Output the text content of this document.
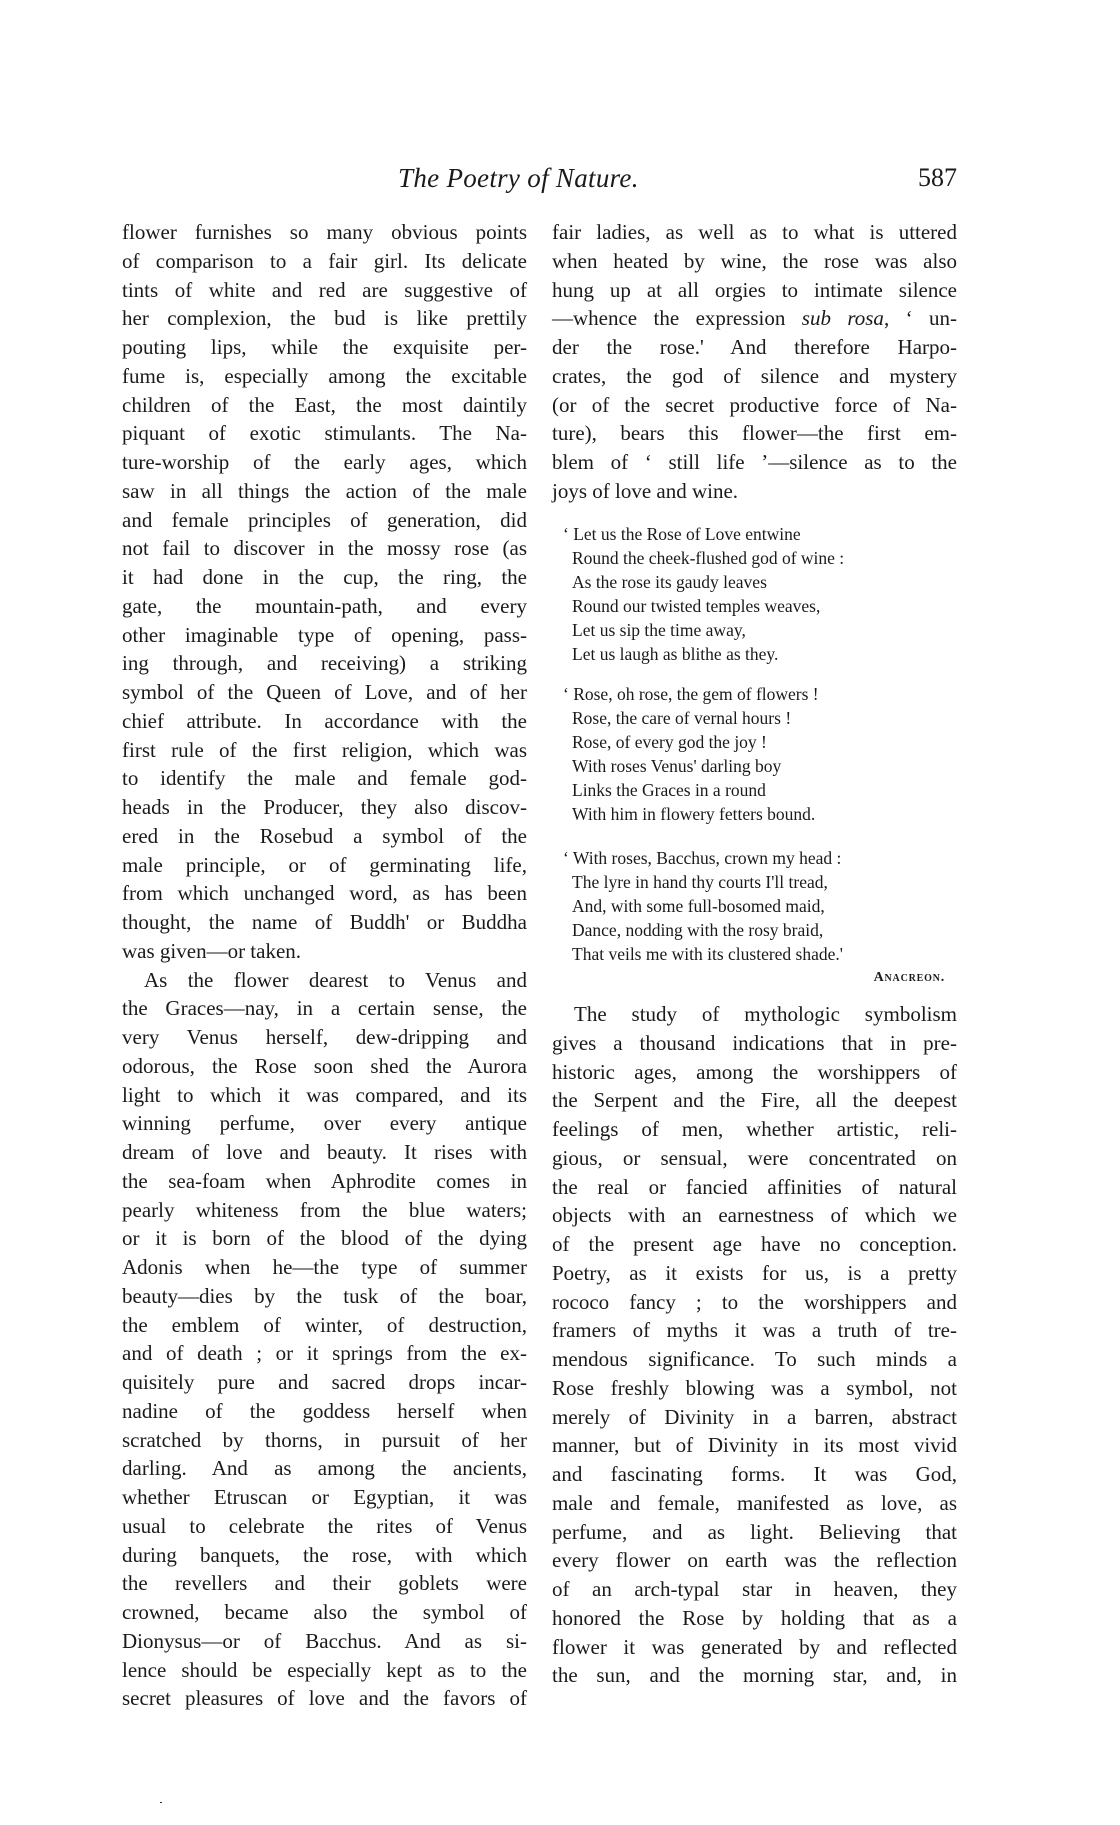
The Poetry of Nature.	587
flower furnishes so many obvious points
of comparison to a fair girl. Its delicate
tints of white and red are suggestive of
her complexion, the bud is like prettily
pouting lips, while the exquisite per-
fume is, especially among the excitable
children of the East, the most daintily
piquant of exotic stimulants. The Na-
ture-worship of the early ages, which
saw in all things the action of the male
and female principles of generation, did
not fail to discover in the mossy rose (as
it had done in the cup, the ring, the
gate, the mountain-path, and every
other imaginable type of opening, pass-
ing through, and receiving) a striking
symbol of the Queen of Love, and of her
chief attribute. In accordance with the
first rule of the first religion, which was
to identify the male and female god-
heads in the Producer, they also discov-
ered in the Rosebud a symbol of the
male principle, or of germinating life,
from which unchanged word, as has been
thought, the name of Buddh' or Buddha
was given—or taken.
As the flower dearest to Venus and
the Graces—nay, in a certain sense, the
very Venus herself, dew-dripping and
odorous, the Rose soon shed the Aurora
light to which it was compared, and its
winning perfume, over every antique
dream of love and beauty. It rises with
the sea-foam when Aphrodite comes in
pearly whiteness from the blue waters;
or it is born of the blood of the dying
Adonis when he—the type of summer
beauty—dies by the tusk of the boar,
the emblem of winter, of destruction,
and of death ; or it springs from the ex-
quisitely pure and sacred drops incar-
nadine of the goddess herself when
scratched by thorns, in pursuit of her
darling. And as among the ancients,
whether Etruscan or Egyptian, it was
usual to celebrate the rites of Venus
during banquets, the rose, with which
the revellers and their goblets were
crowned, became also the symbol of
Dionysus—or of Bacchus. And as si-
lence should be especially kept as to the
secret pleasures of love and the favors of
fair ladies, as well as to what is uttered
when heated by wine, the rose was also
hung up at all orgies to intimate silence
—whence the expression sub rosa, ‘ un-
der the rose.' And therefore Harpo-
crates, the god of silence and mystery
(or of the secret productive force of Na-
ture), bears this flower—the first em-
blem of ‘ still life ’—silence as to the
joys of love and wine.
‘ Let us the Rose of Love entwine
Round the cheek-flushed god of wine :
As the rose its gaudy leaves
Round our twisted temples weaves,
Let us sip the time away,
Let us laugh as blithe as they.
‘ Rose, oh rose, the gem of flowers !
Rose, the care of vernal hours !
Rose, of every god the joy !
With roses Venus' darling boy
Links the Graces in a round
With him in flowery fetters bound.
‘ With roses, Bacchus, crown my head :
The lyre in hand thy courts I'll tread,
And, with some full-bosomed maid,
Dance, nodding with the rosy braid,
That veils me with its clustered shade.'
Anacreon.
The study of mythologic symbolism
gives a thousand indications that in pre-
historic ages, among the worshippers of
the Serpent and the Fire, all the deepest
feelings of men, whether artistic, reli-
gious, or sensual, were concentrated on
the real or fancied affinities of natural
objects with an earnestness of which we
of the present age have no conception.
Poetry, as it exists for us, is a pretty
rococo fancy ; to the worshippers and
framers of myths it was a truth of tre-
mendous significance. To such minds a
Rose freshly blowing was a symbol, not
merely of Divinity in a barren, abstract
manner, but of Divinity in its most vivid
and fascinating forms. It was God,
male and female, manifested as love, as
perfume, and as light. Believing that
every flower on earth was the reflection
of an arch-typal star in heaven, they
honored the Rose by holding that as a
flower it was generated by and reflected
the sun, and the morning star, and, in
